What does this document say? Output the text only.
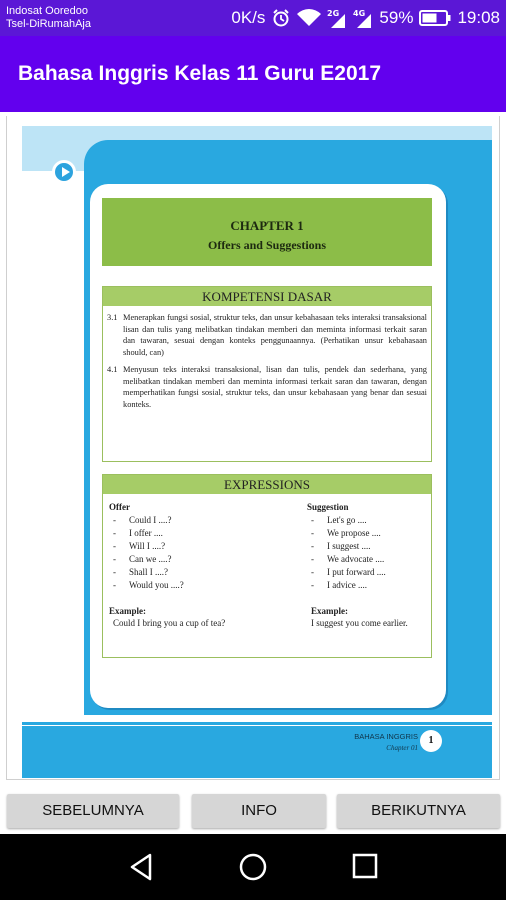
Indosat Ooredoo
Tsel-DiRumahAja	0K/s	2G 4G 59%	19:08
Bahasa Inggris Kelas 11 Guru E2017
CHAPTER 1
Offers and Suggestions
KOMPETENSI DASAR
3.1 Menerapkan fungsi sosial, struktur teks, dan unsur kebahasaan teks interaksi transaksional lisan dan tulis yang melibatkan tindakan memberi dan meminta informasi terkait saran dan tawaran, sesuai dengan konteks penggunaannya. (Perhatikan unsur kebahasaan should, can)
4.1 Menyusun teks interaksi transaksional, lisan dan tulis, pendek dan sederhana, yang melibatkan tindakan memberi dan meminta informasi terkait saran dan tawaran, dengan memperhatikan fungsi sosial, struktur teks, dan unsur kebahasaan yang benar dan sesuai konteks.
EXPRESSIONS
Offer
- Could I ....?
- I offer ....
- Will I ....?
- Can we ....?
- Shall I ....?
- Would you ....?
Example:
Could I bring you a cup of tea?
Suggestion
- Let's go ....
- We propose ....
- I suggest ....
- We advocate ....
- I put forward ....
- I advice ....
Example:
I suggest you come earlier.
BAHASA INGGRIS
Chapter 01
1
SEBELUMNYA	INFO	BERIKUTNYA
